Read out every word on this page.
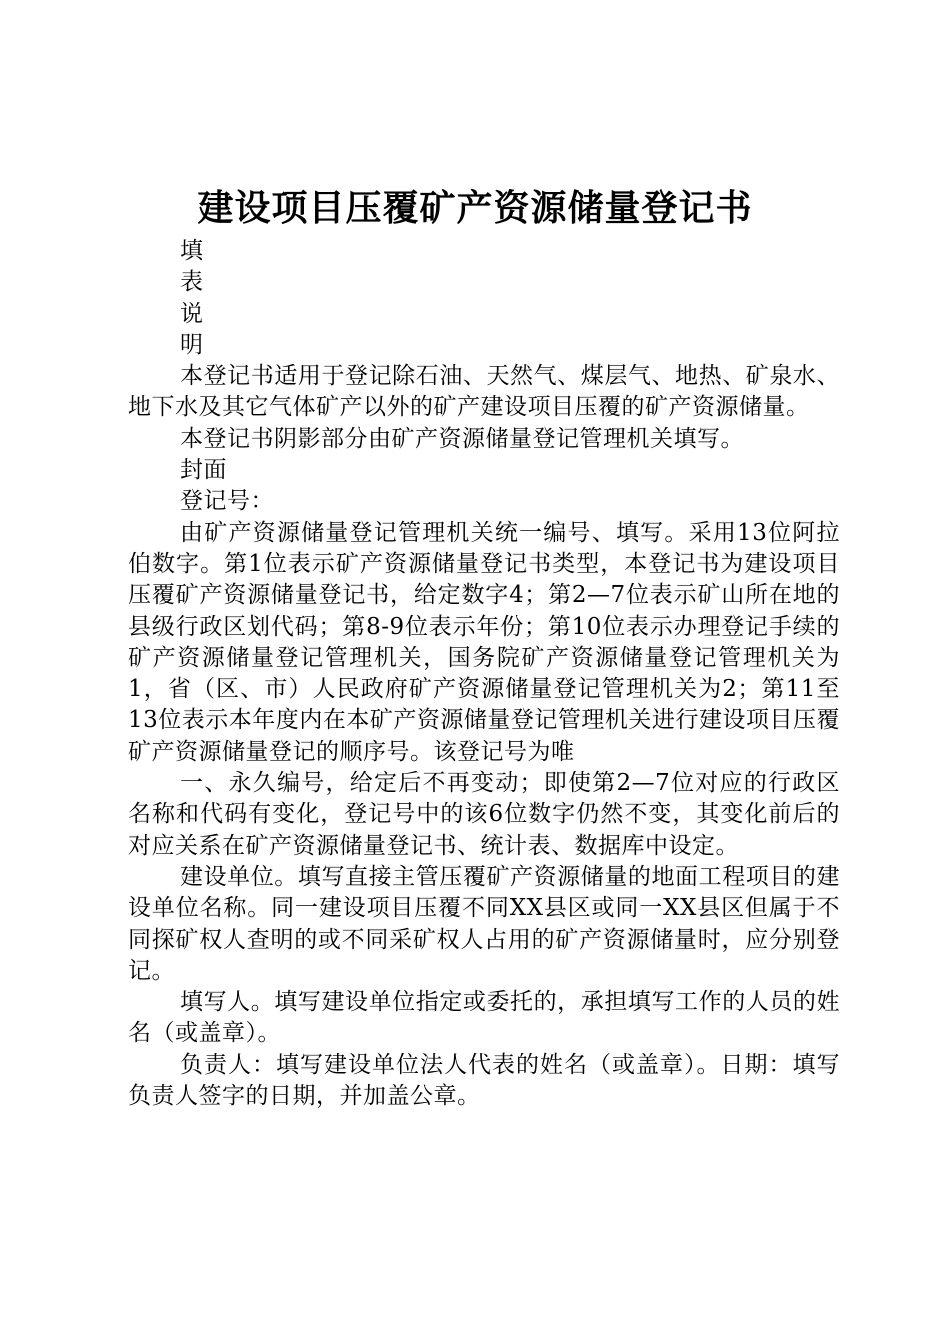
建设项目压覆矿产资源储量登记书

填
表
说
明

本登记书适用于登记除石油、天然气、煤层气、地热、矿泉水、地下水及其它气体矿产以外的矿产建设项目压覆的矿产资源储量。

本登记书阴影部分由矿产资源储量登记管理机关填写。

封面

登记号：

由矿产资源储量登记管理机关统一编号、填写。采用13位阿拉伯数字。第1位表示矿产资源储量登记书类型，本登记书为建设项目压覆矿产资源储量登记书，给定数字4；第2—7位表示矿山所在地的县级行政区划代码；第8-9位表示年份；第10位表示办理登记手续的矿产资源储量登记管理机关，国务院矿产资源储量登记管理机关为1，省（区、市）人民政府矿产资源储量登记管理机关为2；第11至13位表示本年度内在本矿产资源储量登记管理机关进行建设项目压覆矿产资源储量登记的顺序号。该登记号为唯

一、永久编号，给定后不再变动；即使第2—7位对应的行政区名称和代码有变化，登记号中的该6位数字仍然不变，其变化前后的对应关系在矿产资源储量登记书、统计表、数据库中设定。

建设单位。填写直接主管压覆矿产资源储量的地面工程项目的建设单位名称。同一建设项目压覆不同XX县区或同一XX县区但属于不同探矿权人查明的或不同采矿权人占用的矿产资源储量时，应分别登记。

填写人。填写建设单位指定或委托的，承担填写工作的人员的姓名（或盖章）。

负责人：填写建设单位法人代表的姓名（或盖章）。日期：填写负责人签字的日期，并加盖公章。
